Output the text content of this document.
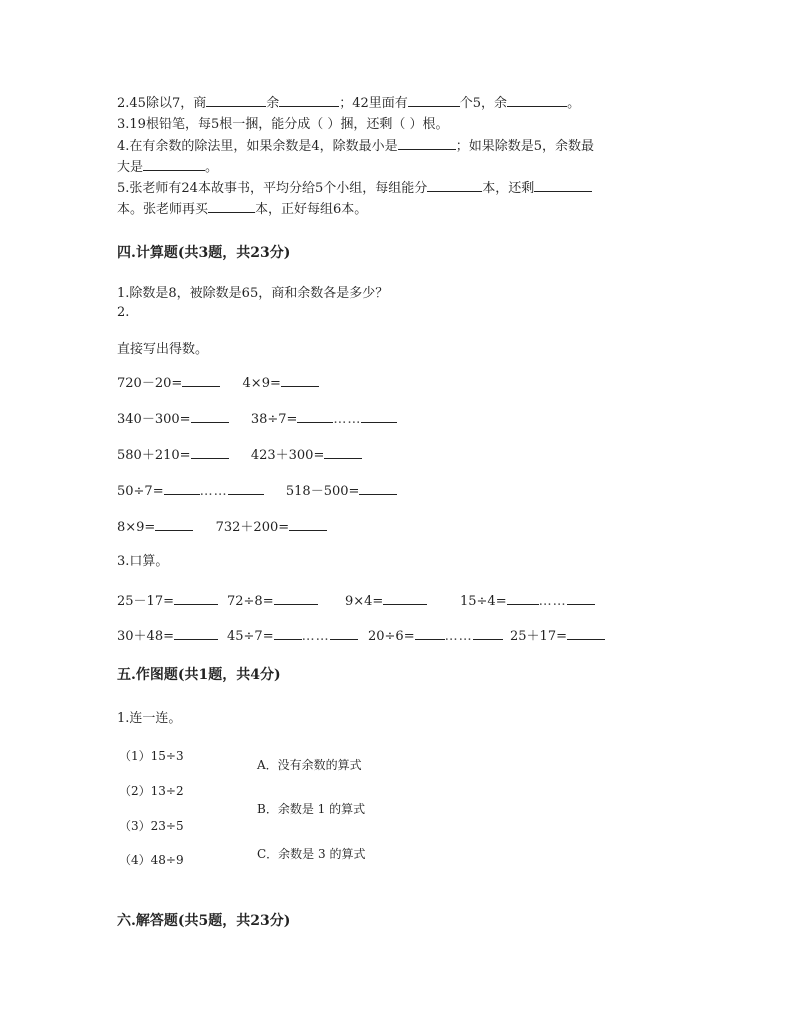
2.45除以7，商	余	；42里面有	个5，余	。
3.19根铅笔，每5根一捆，能分成（ ）捆，还剩（ ）根。
4.在有余数的除法里，如果余数是4，除数最小是	；如果除数是5，余数最
大是	。
5.张老师有24本故事书，平均分给5个小组，每组能分	本，还剩
本。张老师再买	本，正好每组6本。
四.计算题(共3题，共23分)
1.除数是8，被除数是65，商和余数各是多少？
2.
直接写出得数。
720－20=	4×9=
340－300=	38÷7=	……
580＋210=	423＋300=
50÷7=	……	518－500=
8×9=	732＋200=
3.口算。
25－17=	72÷8=	9×4=	15÷4= ……
30＋48=	45÷7= ……	20÷6= ……	25＋17=
五.作图题(共1题，共4分)
1.连一连。
（1）15÷3
（2）13÷2
（3）23÷5
（4）48÷9
A．没有余数的算式
B．余数是 1 的算式
C．余数是 3 的算式
六.解答题(共5题，共23分)
